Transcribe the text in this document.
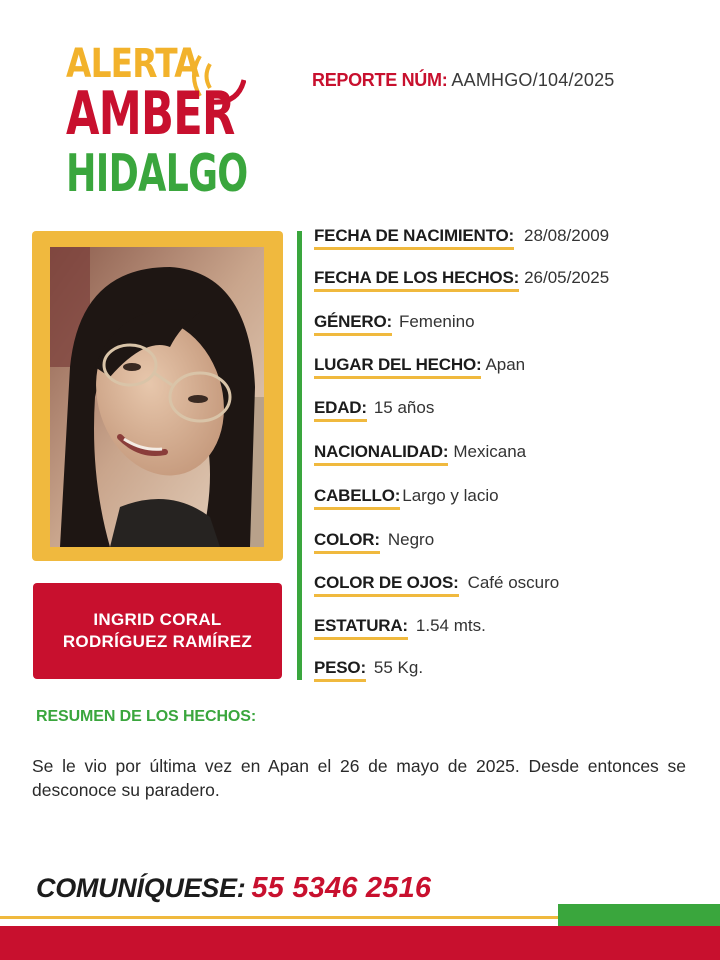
ALERTA
AMBER
HIDALGO
REPORTE NÚM: AAMHGO/104/2025
INGRID CORAL
RODRÍGUEZ RAMÍREZ
FECHA DE NACIMIENTO: 28/08/2009
FECHA DE LOS HECHOS: 26/05/2025
GÉNERO: Femenino
LUGAR DEL HECHO: Apan
EDAD: 15 años
NACIONALIDAD: Mexicana
CABELLO: Largo y lacio
COLOR: Negro
COLOR DE OJOS: Café oscuro
ESTATURA: 1.54 mts.
PESO: 55 Kg.
RESUMEN DE LOS HECHOS:
Se le vio por última vez en Apan el 26 de mayo de 2025. Desde entonces se desconoce su paradero.
COMUNÍQUESE: 55 5346 2516
